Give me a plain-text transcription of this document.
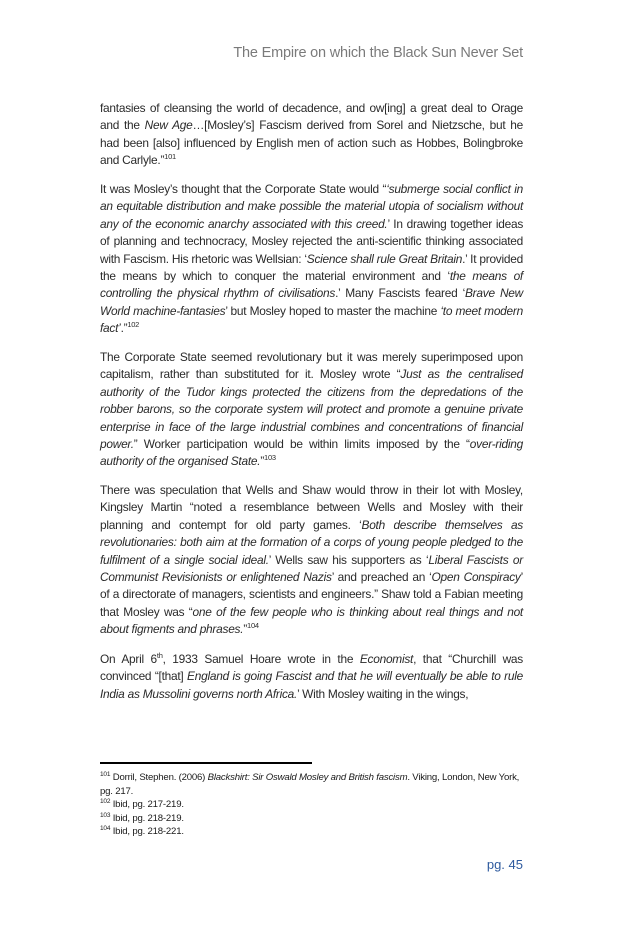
The Empire on which the Black Sun Never Set

fantasies of cleansing the world of decadence, and ow[ing] a great deal to Orage and the New Age…[Mosley’s] Fascism derived from Sorel and Nietzsche, but he had been [also] influenced by English men of action such as Hobbes, Bolingbroke and Carlyle.”$^{101}$

It was Mosley’s thought that the Corporate State would “‘submerge social conflict in an equitable distribution and make possible the material utopia of socialism without any of the economic anarchy associated with this creed.’ In drawing together ideas of planning and technocracy, Mosley rejected the anti-scientific thinking associated with Fascism. His rhetoric was Wellsian: ‘Science shall rule Great Britain.’ It provided the means by which to conquer the material environment and ‘the means of controlling the physical rhythm of civilisations.’ Many Fascists feared ‘Brave New World machine-fantasies’ but Mosley hoped to master the machine ‘to meet modern fact’.”$^{102}$

The Corporate State seemed revolutionary but it was merely superimposed upon capitalism, rather than substituted for it. Mosley wrote “Just as the centralised authority of the Tudor kings protected the citizens from the depredations of the robber barons, so the corporate system will protect and promote a genuine private enterprise in face of the large industrial combines and concentrations of financial power.” Worker participation would be within limits imposed by the “over-riding authority of the organised State.”$^{103}$

There was speculation that Wells and Shaw would throw in their lot with Mosley, Kingsley Martin “noted a resemblance between Wells and Mosley with their planning and contempt for old party games. ‘Both describe themselves as revolutionaries: both aim at the formation of a corps of young people pledged to the fulfilment of a single social ideal.’ Wells saw his supporters as ‘Liberal Fascists or Communist Revisionists or enlightened Nazis’ and preached an ‘Open Conspiracy’ of a directorate of managers, scientists and engineers.” Shaw told a Fabian meeting that Mosley was “one of the few people who is thinking about real things and not about figments and phrases.”$^{104}$

On April 6th, 1933 Samuel Hoare wrote in the Economist, that “Churchill was convinced “[that] England is going Fascist and that he will eventually be able to rule India as Mussolini governs north Africa.’ With Mosley waiting in the wings,

$^{101}$ Dorril, Stephen. (2006) Blackshirt: Sir Oswald Mosley and British fascism. Viking, London, New York, pg. 217.

$^{102}$ Ibid, pg. 217-219.

$^{103}$ Ibid, pg. 218-219.

$^{104}$ Ibid, pg. 218-221.

pg. 45
